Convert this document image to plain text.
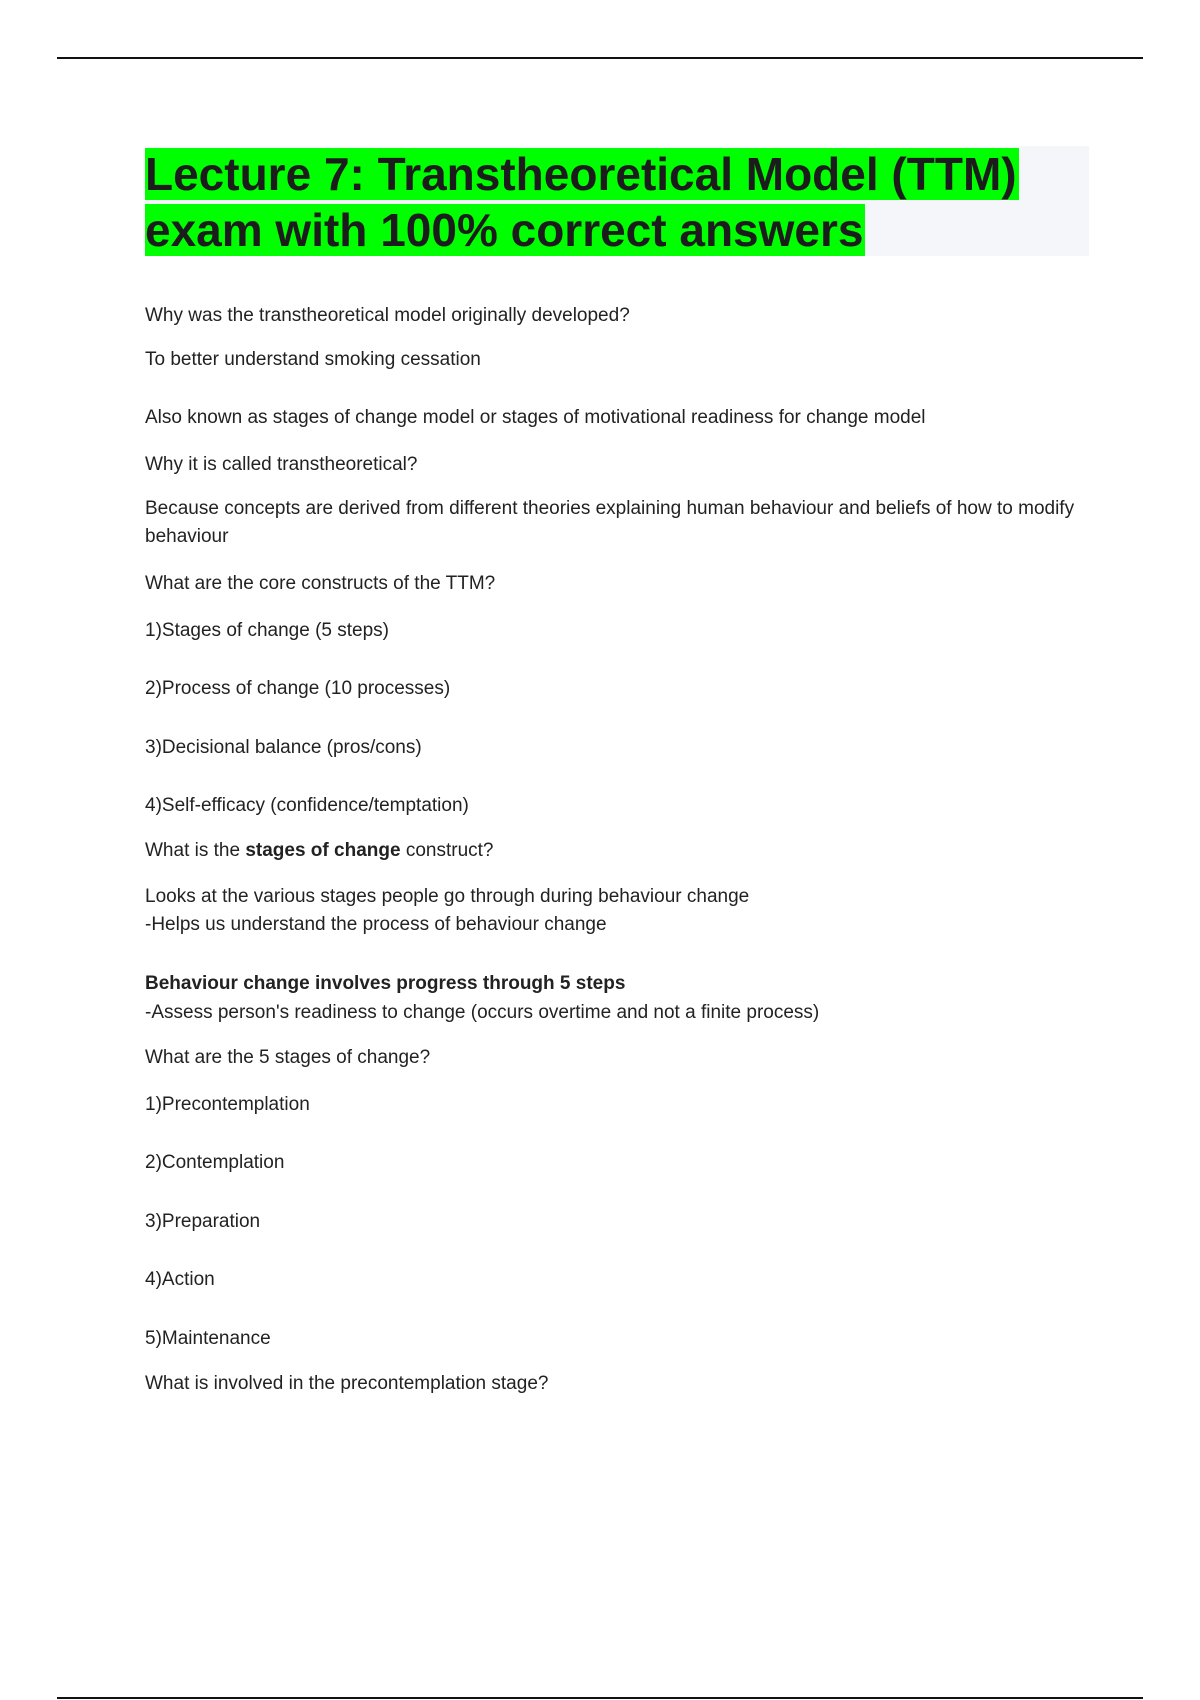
Lecture 7: Transtheoretical Model (TTM) exam with 100% correct answers

Why was the transtheoretical model originally developed?

To better understand smoking cessation

Also known as stages of change model or stages of motivational readiness for change model

Why it is called transtheoretical?

Because concepts are derived from different theories explaining human behaviour and beliefs of how to modify behaviour

What are the core constructs of the TTM?

1)Stages of change (5 steps)

2)Process of change (10 processes)

3)Decisional balance (pros/cons)

4)Self-efficacy (confidence/temptation)

What is the stages of change construct?

Looks at the various stages people go through during behaviour change

-Helps us understand the process of behaviour change

Behaviour change involves progress through 5 steps

-Assess person's readiness to change (occurs overtime and not a finite process)

What are the 5 stages of change?

1)Precontemplation

2)Contemplation

3)Preparation

4)Action

5)Maintenance

What is involved in the precontemplation stage?
